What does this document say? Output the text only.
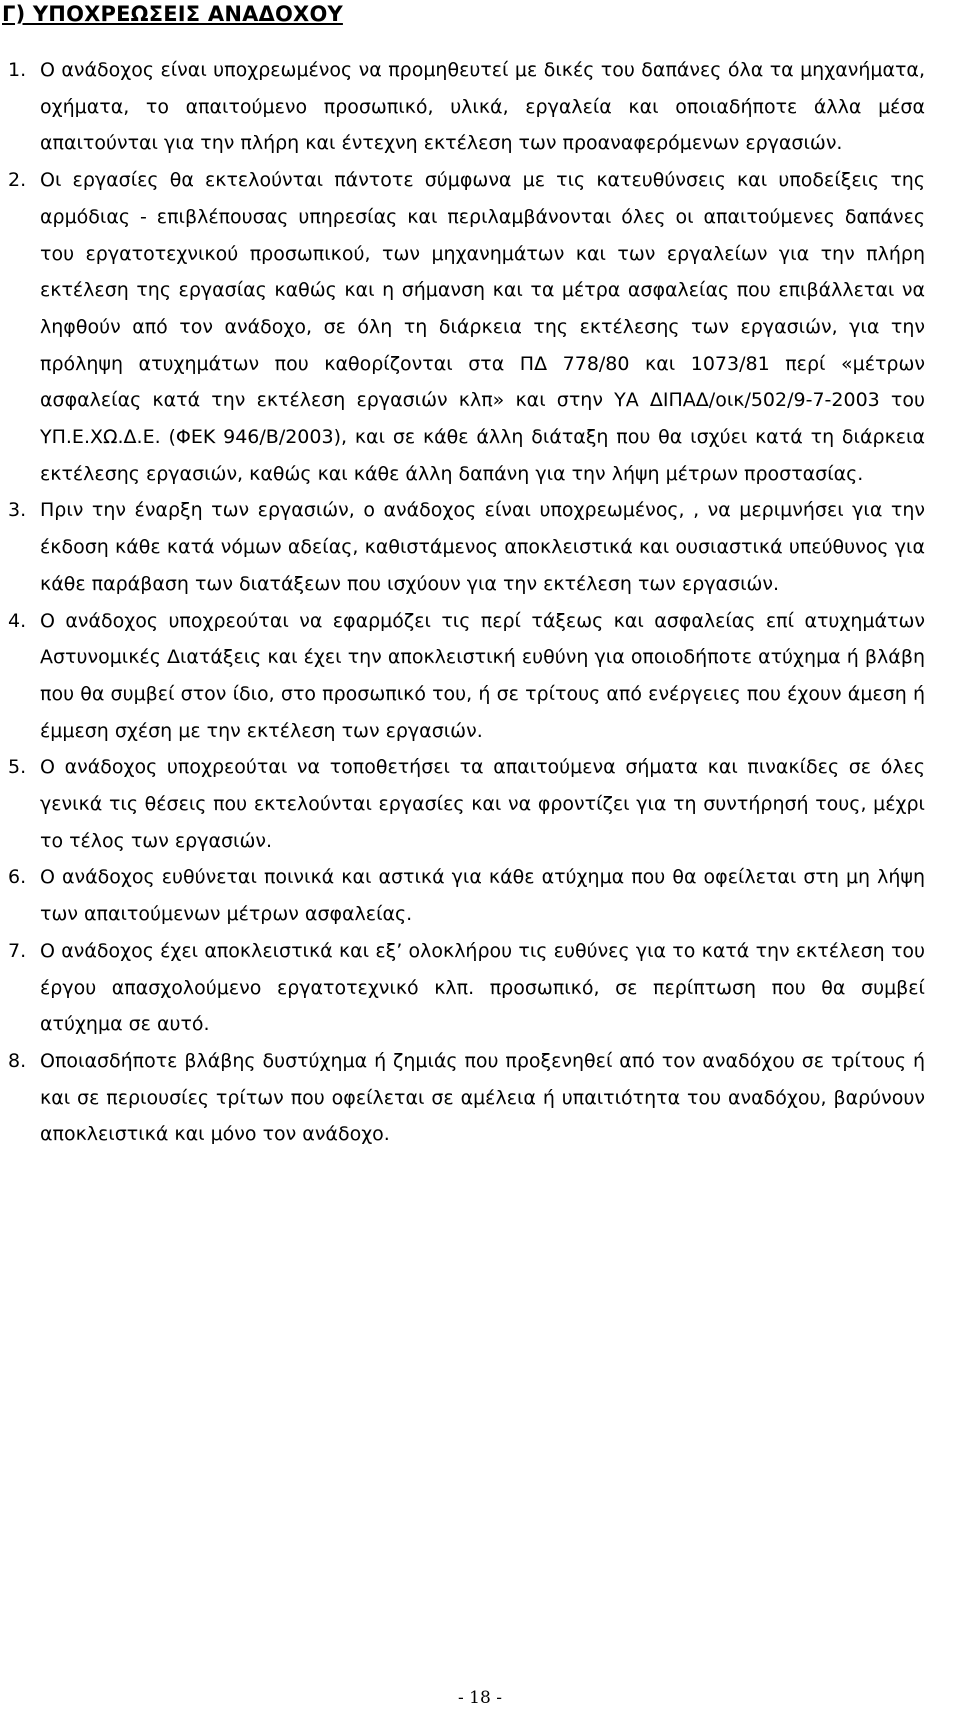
Γ) ΥΠΟΧΡΕΩΣΕΙΣ ΑΝΑΔΟΧΟΥ
1. Ο ανάδοχος είναι υποχρεωμένος να προμηθευτεί με δικές του δαπάνες όλα τα μηχανήματα, οχήματα, το απαιτούμενο προσωπικό, υλικά, εργαλεία και οποιαδήποτε άλλα μέσα απαιτούνται για την πλήρη και έντεχνη εκτέλεση των προαναφερόμενων εργασιών.
2. Οι εργασίες θα εκτελούνται πάντοτε σύμφωνα με τις κατευθύνσεις και υποδείξεις της αρμόδιας - επιβλέπουσας υπηρεσίας και περιλαμβάνονται όλες οι απαιτούμενες δαπάνες του εργατοτεχνικού προσωπικού, των μηχανημάτων και των εργαλείων για την πλήρη εκτέλεση της εργασίας καθώς και η σήμανση και τα μέτρα ασφαλείας που επιβάλλεται να ληφθούν από τον ανάδοχο, σε όλη τη διάρκεια της εκτέλεσης των εργασιών, για την πρόληψη ατυχημάτων που καθορίζονται στα ΠΔ 778/80 και 1073/81 περί «μέτρων ασφαλείας κατά την εκτέλεση εργασιών κλπ» και στην ΥΑ ΔΙΠΑΔ/οικ/502/9-7-2003 του ΥΠ.Ε.ΧΩ.Δ.Ε. (ΦΕΚ 946/Β/2003), και σε κάθε άλλη διάταξη που θα ισχύει κατά τη διάρκεια εκτέλεσης εργασιών, καθώς και κάθε άλλη δαπάνη για την λήψη μέτρων προστασίας.
3. Πριν την έναρξη των εργασιών, ο ανάδοχος είναι υποχρεωμένος, , να μεριμνήσει για την έκδοση κάθε κατά νόμων αδείας, καθιστάμενος αποκλειστικά και ουσιαστικά υπεύθυνος για κάθε παράβαση των διατάξεων που ισχύουν για την εκτέλεση των εργασιών.
4. Ο ανάδοχος υποχρεούται να εφαρμόζει τις περί τάξεως και ασφαλείας επί ατυχημάτων Αστυνομικές Διατάξεις και έχει την αποκλειστική ευθύνη για οποιοδήποτε ατύχημα ή βλάβη που θα συμβεί στον ίδιο, στο προσωπικό του, ή σε τρίτους από ενέργειες που έχουν άμεση ή έμμεση σχέση με την εκτέλεση των εργασιών.
5. Ο ανάδοχος υποχρεούται να τοποθετήσει τα απαιτούμενα σήματα και πινακίδες σε όλες γενικά τις θέσεις που εκτελούνται εργασίες και να φροντίζει για τη συντήρησή τους, μέχρι το τέλος των εργασιών.
6. Ο ανάδοχος ευθύνεται ποινικά και αστικά για κάθε ατύχημα που θα οφείλεται στη μη λήψη των απαιτούμενων μέτρων ασφαλείας.
7. Ο ανάδοχος έχει αποκλειστικά και εξ’ ολοκλήρου τις ευθύνες για το κατά την εκτέλεση του έργου απασχολούμενο εργατοτεχνικό κλπ. προσωπικό, σε περίπτωση που θα συμβεί ατύχημα σε αυτό.
8. Οποιασδήποτε βλάβης δυστύχημα ή ζημιάς που προξενηθεί από τον αναδόχου σε τρίτους ή και σε περιουσίες τρίτων που οφείλεται σε αμέλεια ή υπαιτιότητα του αναδόχου, βαρύνουν αποκλειστικά και μόνο τον ανάδοχο.
- 18 -
